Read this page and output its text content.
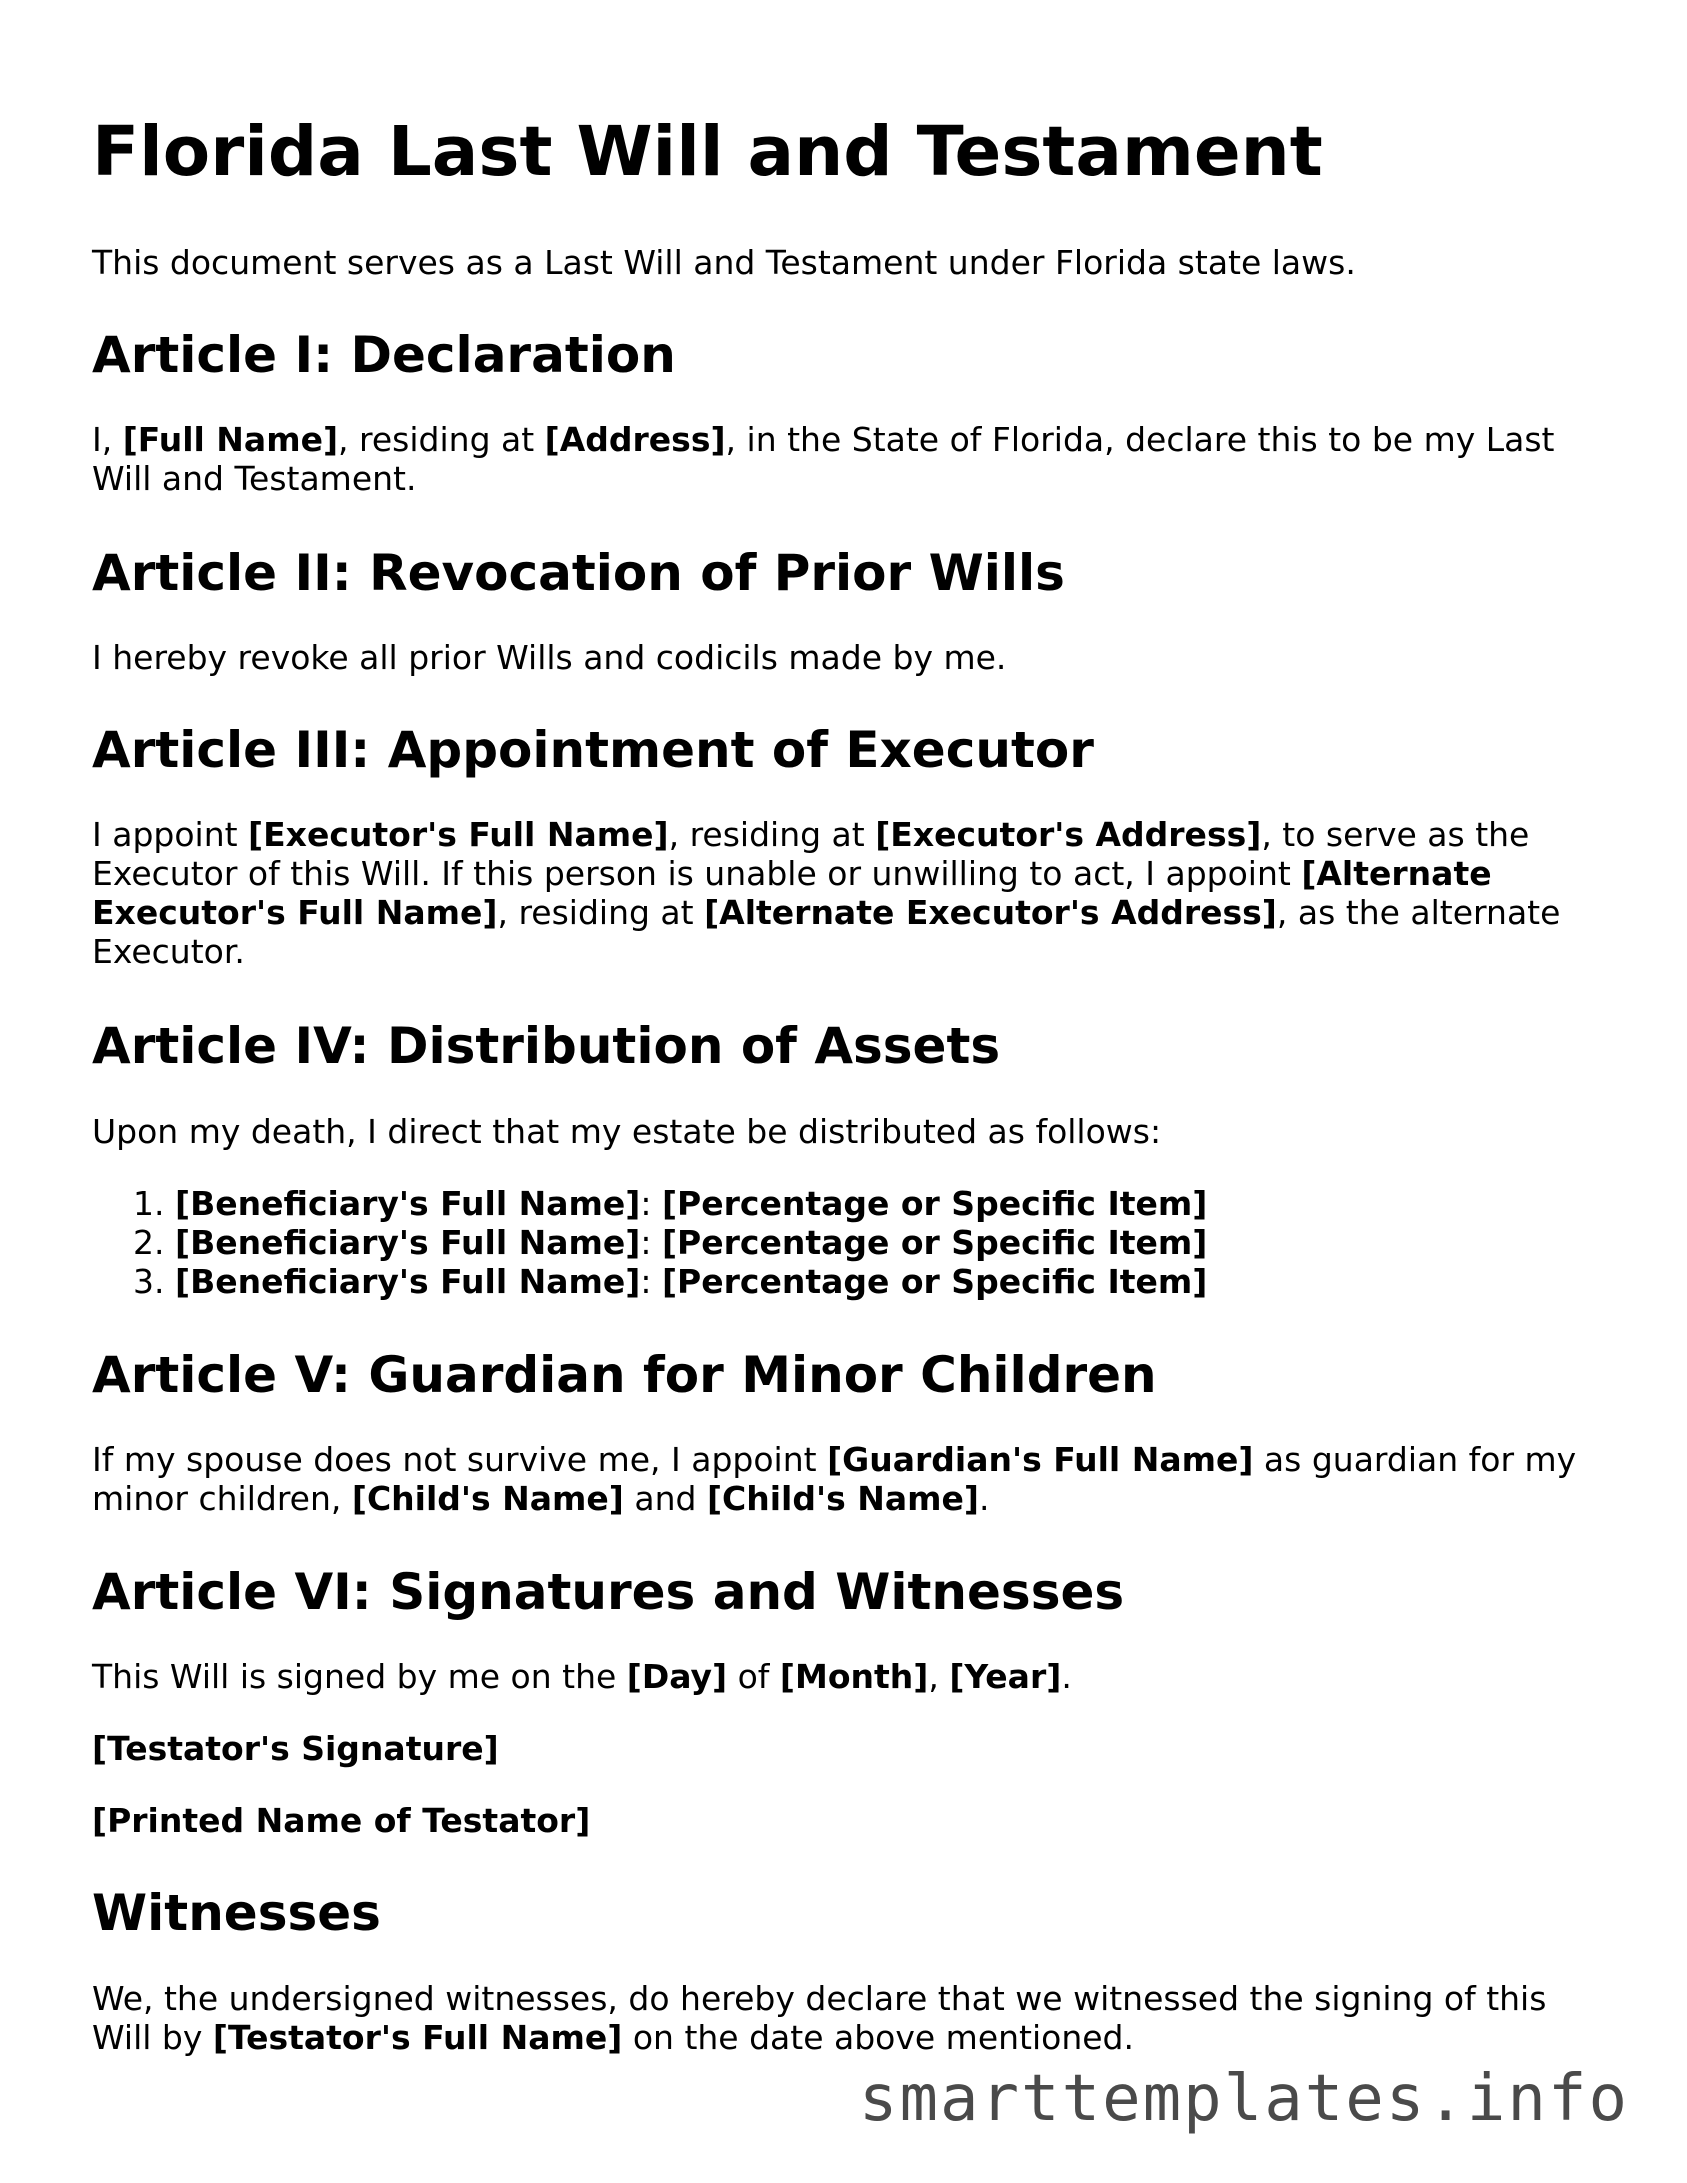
Florida Last Will and Testament

This document serves as a Last Will and Testament under Florida state laws.

Article I: Declaration

I, [Full Name], residing at [Address], in the State of Florida, declare this to be my Last Will and Testament.

Article II: Revocation of Prior Wills

I hereby revoke all prior Wills and codicils made by me.

Article III: Appointment of Executor

I appoint [Executor's Full Name], residing at [Executor's Address], to serve as the Executor of this Will. If this person is unable or unwilling to act, I appoint [Alternate Executor's Full Name], residing at [Alternate Executor's Address], as the alternate Executor.

Article IV: Distribution of Assets

Upon my death, I direct that my estate be distributed as follows:

1. [Beneficiary's Full Name]: [Percentage or Specific Item]
2. [Beneficiary's Full Name]: [Percentage or Specific Item]
3. [Beneficiary's Full Name]: [Percentage or Specific Item]
Article V: Guardian for Minor Children

If my spouse does not survive me, I appoint [Guardian's Full Name] as guardian for my minor children, [Child's Name] and [Child's Name].

Article VI: Signatures and Witnesses

This Will is signed by me on the [Day] of [Month], [Year].

[Testator's Signature]

[Printed Name of Testator]

Witnesses

We, the undersigned witnesses, do hereby declare that we witnessed the signing of this Will by [Testator's Full Name] on the date above mentioned.

smarttemplates.info
